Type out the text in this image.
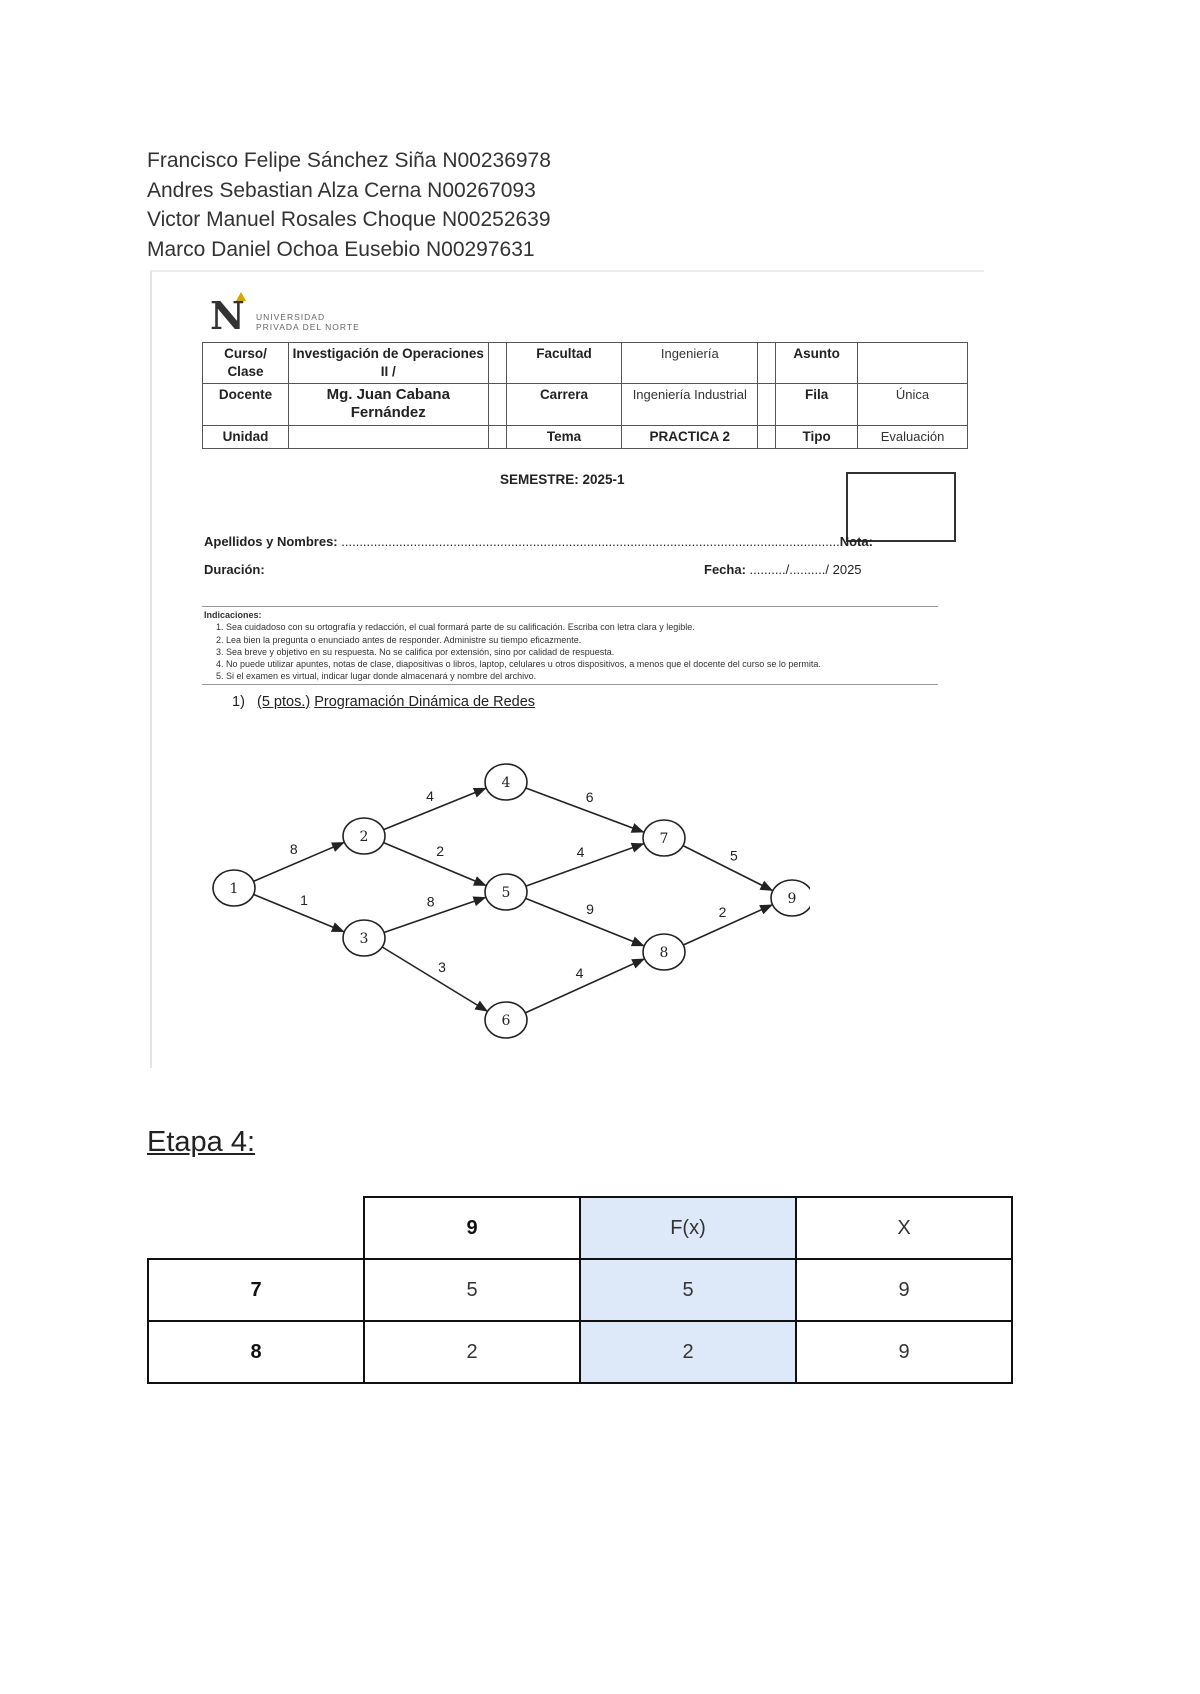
Francisco Felipe Sánchez Siña N00236978
Andres Sebastian Alza Cerna N00267093
Victor Manuel Rosales Choque N00252639
Marco Daniel Ochoa Eusebio N00297631
N UNIVERSIDAD
PRIVADA DEL NORTE
Curso/ Clase	Investigación de Operaciones II /		Facultad	Ingeniería		Asunto	
Docente	Mg. Juan Cabana Fernández		Carrera	Ingeniería Industrial		Fila	Única
Unidad			Tema	PRACTICA 2		Tipo	Evaluación
SEMESTRE: 2025-1
Apellidos y Nombres: ..........................................................................................................................................Nota:
Duración:	Fecha: ........../........../ 2025
Indicaciones:
1. Sea cuidadoso con su ortografía y redacción, el cual formará parte de su calificación. Escriba con letra clara y legible.
2. Lea bien la pregunta o enunciado antes de responder. Administre su tiempo eficazmente.
3. Sea breve y objetivo en su respuesta. No se califica por extensión, sino por calidad de respuesta.
4. No puede utilizar apuntes, notas de clase, diapositivas o libros, laptop, celulares u otros dispositivos, a menos que el docente del curso se lo permita.
5. Si el examen es virtual, indicar lugar donde almacenará y nombre del archivo.
1) (5 ptos.) Programación Dinámica de Redes
8
1
4
2
8
3
6
4
9
4
5
2
1
2
3
4
5
6
7
8
9
Etapa 4:
	9	F(x)	X
7	5	5	9
8	2	2	9
